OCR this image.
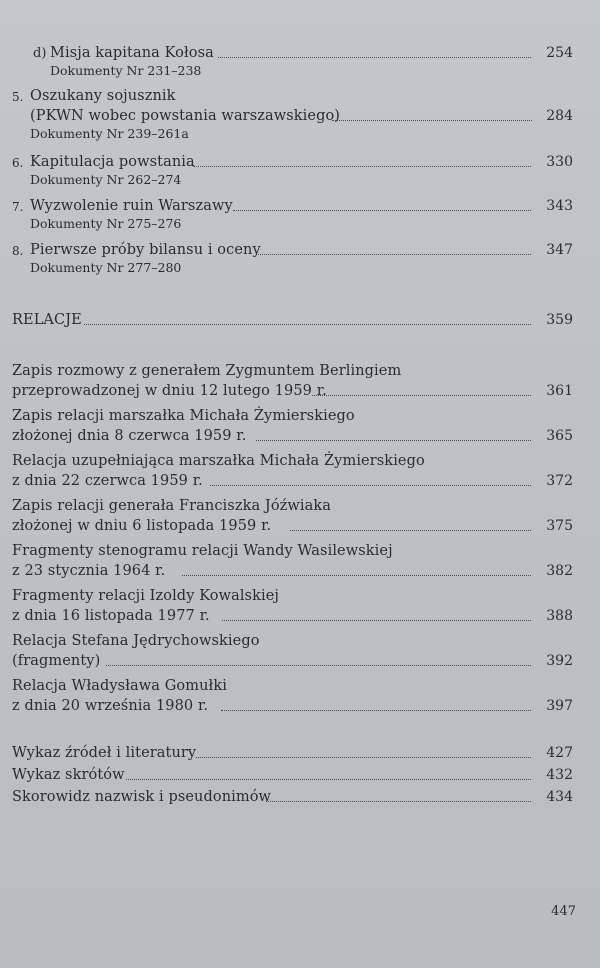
d) Misja kapitana Kołosa	254
Dokumenty Nr 231–238
5. Oszukany sojusznik
(PKWN wobec powstania warszawskiego)	284
Dokumenty Nr 239–261a
6. Kapitulacja powstania	330
Dokumenty Nr 262–274
7. Wyzwolenie ruin Warszawy	343
Dokumenty Nr 275–276
8. Pierwsze próby bilansu i oceny	347
Dokumenty Nr 277–280
RELACJE	359
Zapis rozmowy z generałem Zygmuntem Berlingiem
przeprowadzonej w dniu 12 lutego 1959 r.	361
Zapis relacji marszałka Michała Żymierskiego
złożonej dnia 8 czerwca 1959 r.	365
Relacja uzupełniająca marszałka Michała Żymierskiego
z dnia 22 czerwca 1959 r.	372
Zapis relacji generała Franciszka Jóźwiaka
złożonej w dniu 6 listopada 1959 r.	375
Fragmenty stenogramu relacji Wandy Wasilewskiej
z 23 stycznia 1964 r.	382
Fragmenty relacji Izoldy Kowalskiej
z dnia 16 listopada 1977 r.	388
Relacja Stefana Jędrychowskiego
(fragmenty)	392
Relacja Władysława Gomułki
z dnia 20 września 1980 r.	397
Wykaz źródeł i literatury	427
Wykaz skrótów	432
Skorowidz nazwisk i pseudonimów	434
447
